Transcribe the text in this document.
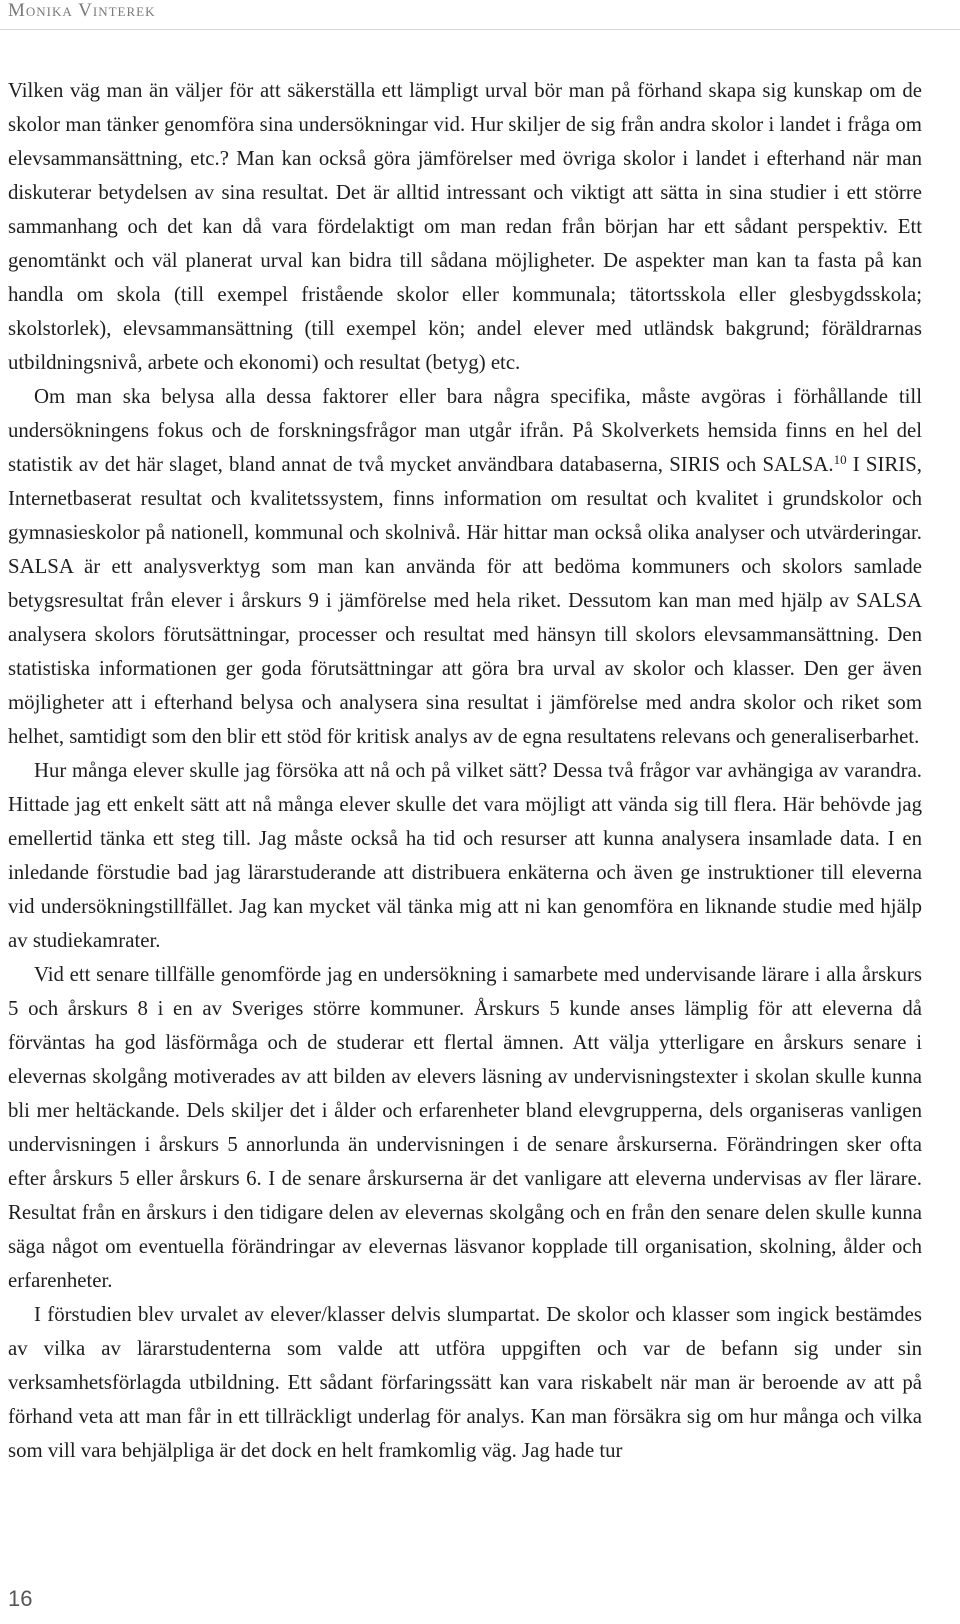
Monika Vinterek

Vilken väg man än väljer för att säkerställa ett lämpligt urval bör man på förhand skapa sig kunskap om de skolor man tänker genomföra sina undersökningar vid. Hur skiljer de sig från andra skolor i landet i fråga om elevsammansättning, etc.? Man kan också göra jämförelser med övriga skolor i landet i efterhand när man diskuterar betydelsen av sina resultat. Det är alltid intressant och viktigt att sätta in sina studier i ett större sammanhang och det kan då vara fördelaktigt om man redan från början har ett sådant perspektiv. Ett genomtänkt och väl planerat urval kan bidra till sådana möjligheter. De aspekter man kan ta fasta på kan handla om skola (till exempel fristående skolor eller kommunala; tätortsskola eller glesbygdsskola; skolstorlek), elevsammansättning (till exempel kön; andel elever med utländsk bakgrund; föräldrarnas utbildningsnivå, arbete och ekonomi) och resultat (betyg) etc.

Om man ska belysa alla dessa faktorer eller bara några specifika, måste avgöras i förhållande till undersökningens fokus och de forskningsfrågor man utgår ifrån. På Skolverkets hemsida finns en hel del statistik av det här slaget, bland annat de två mycket användbara databaserna, SIRIS och SALSA.$^{10}$ I SIRIS, Internetbaserat resultat och kvalitetssystem, finns information om resultat och kvalitet i grundskolor och gymnasieskolor på nationell, kommunal och skolnivå. Här hittar man också olika analyser och utvärderingar. SALSA är ett analysverktyg som man kan använda för att bedöma kommuners och skolors samlade betygsresultat från elever i årskurs 9 i jämförelse med hela riket. Dessutom kan man med hjälp av SALSA analysera skolors förutsättningar, processer och resultat med hänsyn till skolors elevsammansättning. Den statistiska informationen ger goda förutsättningar att göra bra urval av skolor och klasser. Den ger även möjligheter att i efterhand belysa och analysera sina resultat i jämförelse med andra skolor och riket som helhet, samtidigt som den blir ett stöd för kritisk analys av de egna resultatens relevans och generaliserbarhet.

Hur många elever skulle jag försöka att nå och på vilket sätt? Dessa två frågor var avhängiga av varandra. Hittade jag ett enkelt sätt att nå många elever skulle det vara möjligt att vända sig till flera. Här behövde jag emellertid tänka ett steg till. Jag måste också ha tid och resurser att kunna analysera insamlade data. I en inledande förstudie bad jag lärarstuderande att distribuera enkäterna och även ge instruktioner till eleverna vid undersökningstillfället. Jag kan mycket väl tänka mig att ni kan genomföra en liknande studie med hjälp av studiekamrater.

Vid ett senare tillfälle genomförde jag en undersökning i samarbete med undervisande lärare i alla årskurs 5 och årskurs 8 i en av Sveriges större kommuner. Årskurs 5 kunde anses lämplig för att eleverna då förväntas ha god läsförmåga och de studerar ett flertal ämnen. Att välja ytterligare en årskurs senare i elevernas skolgång motiverades av att bilden av elevers läsning av undervisningstexter i skolan skulle kunna bli mer heltäckande. Dels skiljer det i ålder och erfarenheter bland elevgrupperna, dels organiseras vanligen undervisningen i årskurs 5 annorlunda än undervisningen i de senare årskurserna. Förändringen sker ofta efter årskurs 5 eller årskurs 6. I de senare årskurserna är det vanligare att eleverna undervisas av fler lärare. Resultat från en årskurs i den tidigare delen av elevernas skolgång och en från den senare delen skulle kunna säga något om eventuella förändringar av elevernas läsvanor kopplade till organisation, skolning, ålder och erfarenheter.

I förstudien blev urvalet av elever/klasser delvis slumpartat. De skolor och klasser som ingick bestämdes av vilka av lärarstudenterna som valde att utföra uppgiften och var de befann sig under sin verksamhetsförlagda utbildning. Ett sådant förfaringssätt kan vara riskabelt när man är beroende av att på förhand veta att man får in ett tillräckligt underlag för analys. Kan man försäkra sig om hur många och vilka som vill vara behjälpliga är det dock en helt framkomlig väg. Jag hade tur

16
